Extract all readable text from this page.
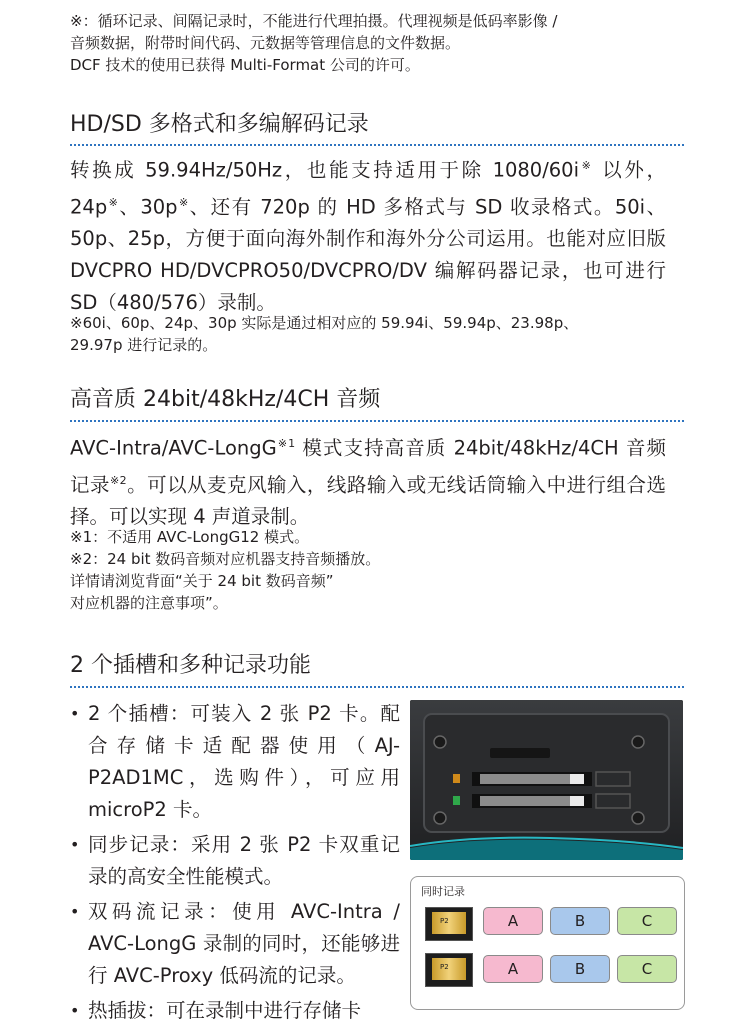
※：循环记录、间隔记录时，不能进行代理拍摄。代理视频是低码率影像 /
音频数据，附带时间代码、元数据等管理信息的文件数据。
DCF 技术的使用已获得 Multi-Format 公司的许可。
HD/SD 多格式和多编解码记录
转换成 59.94Hz/50Hz，也能支持适用于除 1080/60i※ 以外，24p※、30p※、还有 720p 的 HD 多格式与 SD 收录格式。50i、50p、25p，方便于面向海外制作和海外分公司运用。也能对应旧版 DVCPRO HD/DVCPRO50/DVCPRO/DV 编解码器记录，也可进行 SD（480/576）录制。
※60i、60p、24p、30p 实际是通过相对应的 59.94i、59.94p、23.98p、
29.97p 进行记录的。
高音质 24bit/48kHz/4CH 音频
AVC-Intra/AVC-LongG$^{※1}$ 模式支持高音质 24bit/48kHz/4CH 音频记录$^{※2}$。可以从麦克风输入，线路输入或无线话筒输入中进行组合选择。可以实现 4 声道录制。
※1：不适用 AVC-LongG12 模式。
※2：24 bit 数码音频对应机器支持音频播放。
详情请浏览背面“关于 24 bit 数码音频”
对应机器的注意事项”。
2 个插槽和多种记录功能
• 2 个插槽：可装入 2 张 P2 卡。配合存储卡适配器使用（AJ-P2AD1MC，选购件），可应用 microP2 卡。
• 同步记录：采用 2 张 P2 卡双重记录的高安全性能模式。
• 双码流记录：使用 AVC-Intra / AVC-LongG 录制的同时，还能够进行 AVC-Proxy 低码流的记录。
• 热插拔：可在录制中进行存储卡
同时记录
P2	A	B	C
P2	A	B	C
